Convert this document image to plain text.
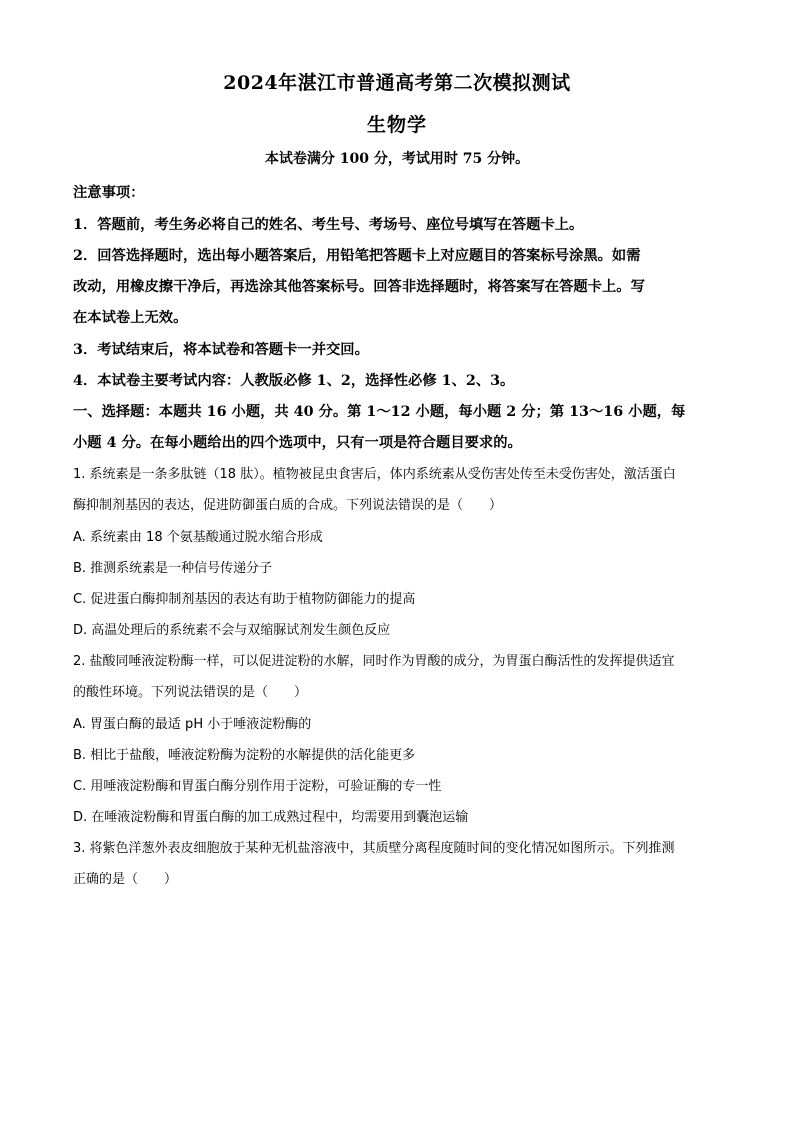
2024年湛江市普通高考第二次模拟测试
生物学
本试卷满分 100 分，考试用时 75 分钟。
注意事项：
1．答题前，考生务必将自己的姓名、考生号、考场号、座位号填写在答题卡上。
2．回答选择题时，选出每小题答案后，用铅笔把答题卡上对应题目的答案标号涂黑。如需
改动，用橡皮擦干净后，再选涂其他答案标号。回答非选择题时，将答案写在答题卡上。写
在本试卷上无效。
3．考试结束后，将本试卷和答题卡一并交回。
4．本试卷主要考试内容：人教版必修 1、2，选择性必修 1、2、3。
一、选择题：本题共 16 小题，共 40 分。第 1～12 小题，每小题 2 分；第 13～16 小题，每
小题 4 分。在每小题给出的四个选项中，只有一项是符合题目要求的。
1. 系统素是一条多肽链（18 肽）。植物被昆虫食害后，体内系统素从受伤害处传至未受伤害处，激活蛋白
酶抑制剂基因的表达，促进防御蛋白质的合成。下列说法错误的是（　　）
A. 系统素由 18 个氨基酸通过脱水缩合形成
B. 推测系统素是一种信号传递分子
C. 促进蛋白酶抑制剂基因的表达有助于植物防御能力的提高
D. 高温处理后的系统素不会与双缩脲试剂发生颜色反应
2. 盐酸同唾液淀粉酶一样，可以促进淀粉的水解，同时作为胃酸的成分，为胃蛋白酶活性的发挥提供适宜
的酸性环境。下列说法错误的是（　　）
A. 胃蛋白酶的最适 pH 小于唾液淀粉酶的
B. 相比于盐酸，唾液淀粉酶为淀粉的水解提供的活化能更多
C. 用唾液淀粉酶和胃蛋白酶分别作用于淀粉，可验证酶的专一性
D. 在唾液淀粉酶和胃蛋白酶的加工成熟过程中，均需要用到囊泡运输
3. 将紫色洋葱外表皮细胞放于某种无机盐溶液中，其质壁分离程度随时间的变化情况如图所示。下列推测
正确的是（　　）
